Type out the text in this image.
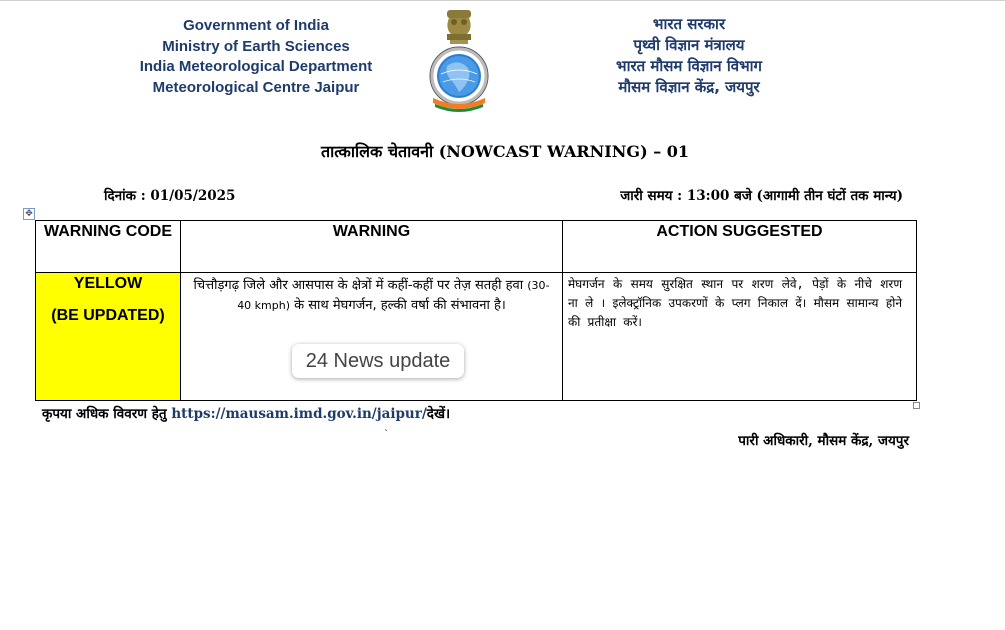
Government of India
Ministry of Earth Sciences
India Meteorological Department
Meteorological Centre Jaipur
भारत सरकार
पृथ्वी विज्ञान मंत्रालय
भारत मौसम विज्ञान विभाग
मौसम विज्ञान केंद्र, जयपुर
तात्कालिक चेतावनी (NOWCAST WARNING) – 01
दिनांक : 01/05/2025	जारी समय : 13:00 बजे (आगामी तीन घंटों तक मान्य)
✥
WARNING CODE	WARNING	ACTION SUGGESTED

YELLOW
(BE UPDATED)	चित्तौड़गढ़ जिले और आसपास के क्षेत्रों में कहीं-कहीं पर तेज़ सतही हवा (30-40 kmph) के साथ मेघगर्जन, हल्की वर्षा की संभावना है।	मेघगर्जन के समय सुरक्षित स्थान पर शरण लेवे, पेड़ों के नीचे शरण ना ले । इलेक्ट्रॉनिक उपकरणों के प्लग निकाल दें। मौसम सामान्य होने की प्रतीक्षा करें।
24 News update
कृपया अधिक विवरण हेतु https://mausam.imd.gov.in/jaipur/देखें।
`	पारी अधिकारी, मौसम केंद्र, जयपुर
